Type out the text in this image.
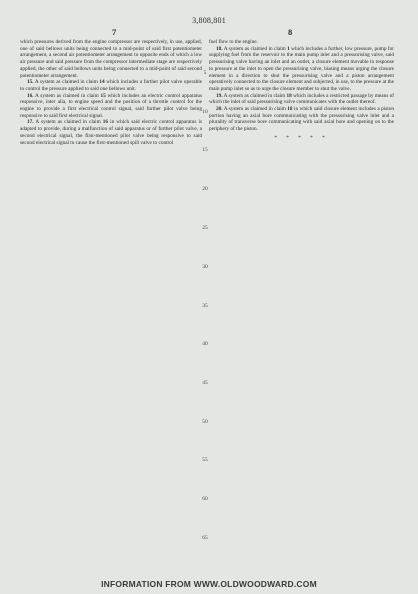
3,808,801
7	8

which pressures derived from the engine compressor are respectively, in use, applied, one of said bellows units being connected to a mid-point of said first potentiometer arrangement, a second air potentiometer arrangement to opposite ends of which a low air pressure and said pressure from the compressor intermediate stage are respectively applied, the other of said bellows units being connected to a mid-point of said second potentiometer arrangement.

15. A system as claimed in claim 14 which includes a further pilot valve operable to control the pressure applied to said one bellows unit.

16. A system as claimed in claim 15 which includes an electric control apparatus responsive, inter alia, to engine speed and the position of a throttle control for the engine to provide a first electrical control signal, said further pilot valve being responsive to said first electrical signal.

17. A system as claimed in claim 16 in which said electric control apparatus is adapted to provide, during a malfunction of said apparatus or of further pilot valve, a second electrical signal, the first-mentioned pilot valve being responsive to said second electrical signal to cause the first-mentioned spill valve to control

fuel flow to the engine.

18. A system as claimed in claim 1 which includes a further, low pressure, pump for supplying fuel from the reservoir to the main pump inlet and a pressurising valve, said pressurising valve having an inlet and an outlet, a closure element movable in response to pressure at the inlet to open the pressurising valve, biasing means urging the closure element in a direction to shut the pressurising valve and a piston arrangement operatively connected to the closure element and subjected, in use, to the pressure at the main pump inlet so as to urge the closure member to shut the valve.

19. A system as claimed in claim 18 which includes a restricted passage by means of which the inlet of said pressurising valve communicates with the outlet thereof.

20. A system as claimed in claim 18 in which said closure element includes a piston portion having an axial bore communicating with the pressurising valve inlet and a plurality of transverse bore communicating with said axial bore and opening on to the periphery of the piston.

* * * * *

5
10
15
20
25
30
35
40
45
50
55
60
65
INFORMATION FROM WWW.OLDWOODWARD.COM
